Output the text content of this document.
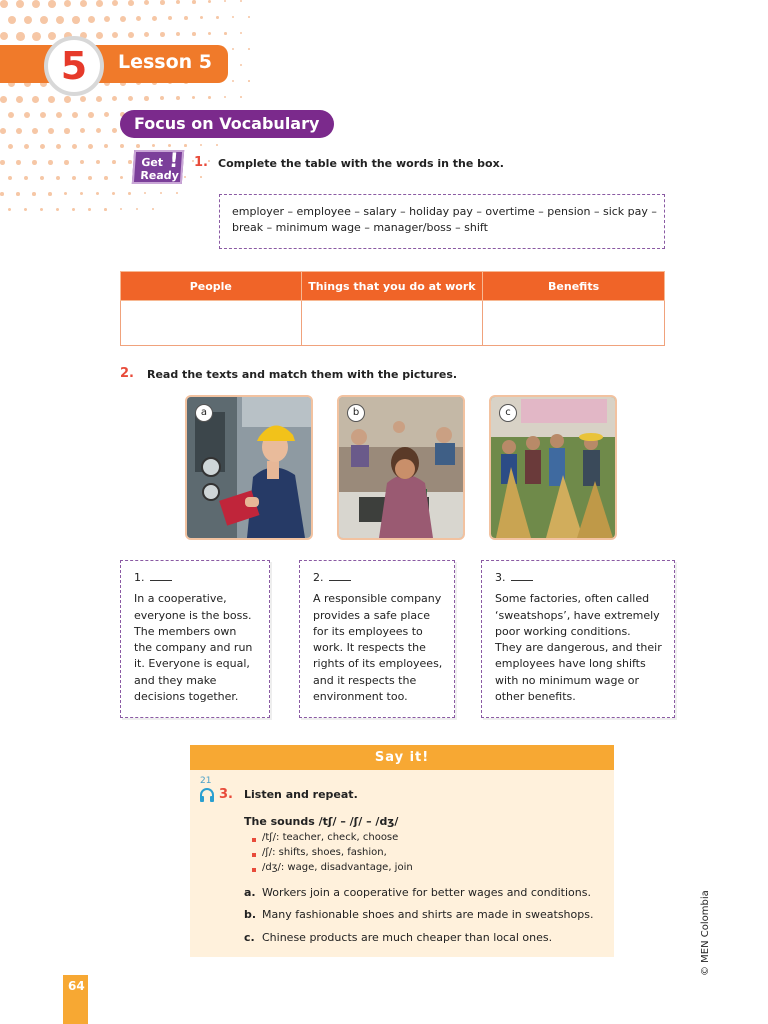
5	Lesson 5
Focus on Vocabulary
Get
Ready
! 1. Complete the table with the words in the box.
employer – employee – salary – holiday pay – overtime – pension – sick pay –
break – minimum wage – manager/boss – shift
People	Things that you do at work	Benefits

2. Read the texts and match them with the pictures.
a	b	c
1.

In a cooperative,
everyone is the boss.
The members own
the company and run
it. Everyone is equal,
and they make
decisions together.

2.

A responsible company
provides a safe place
for its employees to
work. It respects the
rights of its employees,
and it respects the
environment too.

3.

Some factories, often called
‘sweatshops’, have extremely
poor working conditions.
They are dangerous, and their
employees have long shifts
with no minimum wage or
other benefits.

Say it!
21
3. Listen and repeat.
The sounds /tʃ/ – /ʃ/ – /dʒ/
/tʃ/: teacher, check, choose
/ʃ/: shifts, shoes, fashion,
/dʒ/: wage, disadvantage, join
a. Workers join a cooperative for better wages and conditions.
b. Many fashionable shoes and shirts are made in sweatshops.
c. Chinese products are much cheaper than local ones.
64
© MEN Colombia
